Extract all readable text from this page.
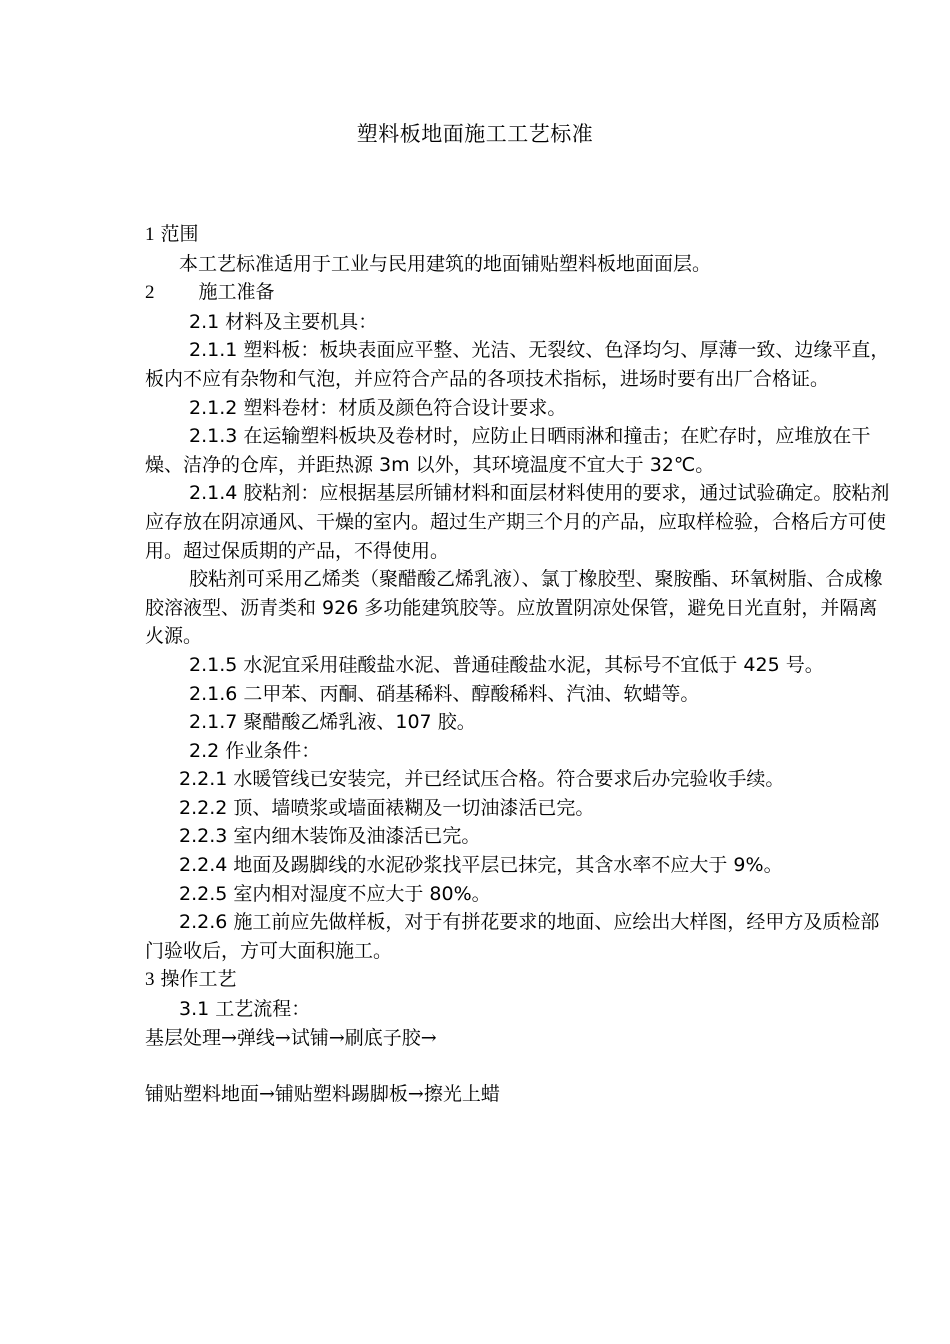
塑料板地面施工工艺标准

1 范围

本工艺标准适用于工业与民用建筑的地面铺贴塑料板地面面层。

2 施工准备

2.1 材料及主要机具：

2.1.1 塑料板：板块表面应平整、光洁、无裂纹、色泽均匀、厚薄一致、边缘平直，板内不应有杂物和气泡，并应符合产品的各项技术指标，进场时要有出厂合格证。

2.1.2 塑料卷材：材质及颜色符合设计要求。

2.1.3 在运输塑料板块及卷材时，应防止日晒雨淋和撞击；在贮存时，应堆放在干燥、洁净的仓库，并距热源 3m 以外，其环境温度不宜大于 32℃。

2.1.4 胶粘剂：应根据基层所铺材料和面层材料使用的要求，通过试验确定。胶粘剂应存放在阴凉通风、干燥的室内。超过生产期三个月的产品，应取样检验，合格后方可使用。超过保质期的产品，不得使用。

胶粘剂可采用乙烯类（聚醋酸乙烯乳液）、氯丁橡胶型、聚胺酯、环氧树脂、合成橡胶溶液型、沥青类和 926 多功能建筑胶等。应放置阴凉处保管，避免日光直射，并隔离火源。

2.1.5 水泥宜采用硅酸盐水泥、普通硅酸盐水泥，其标号不宜低于 425 号。

2.1.6 二甲苯、丙酮、硝基稀料、醇酸稀料、汽油、软蜡等。

2.1.7 聚醋酸乙烯乳液、107 胶。

2.2 作业条件：

2.2.1 水暖管线已安装完，并已经试压合格。符合要求后办完验收手续。

2.2.2 顶、墙喷浆或墙面裱糊及一切油漆活已完。

2.2.3 室内细木装饰及油漆活已完。

2.2.4 地面及踢脚线的水泥砂浆找平层已抹完，其含水率不应大于 9%。

2.2.5 室内相对湿度不应大于 80%。

2.2.6 施工前应先做样板，对于有拼花要求的地面、应绘出大样图，经甲方及质检部门验收后，方可大面积施工。

3 操作工艺

3.1 工艺流程：

基层处理→弹线→试铺→刷底子胶→

铺贴塑料地面→铺贴塑料踢脚板→擦光上蜡
